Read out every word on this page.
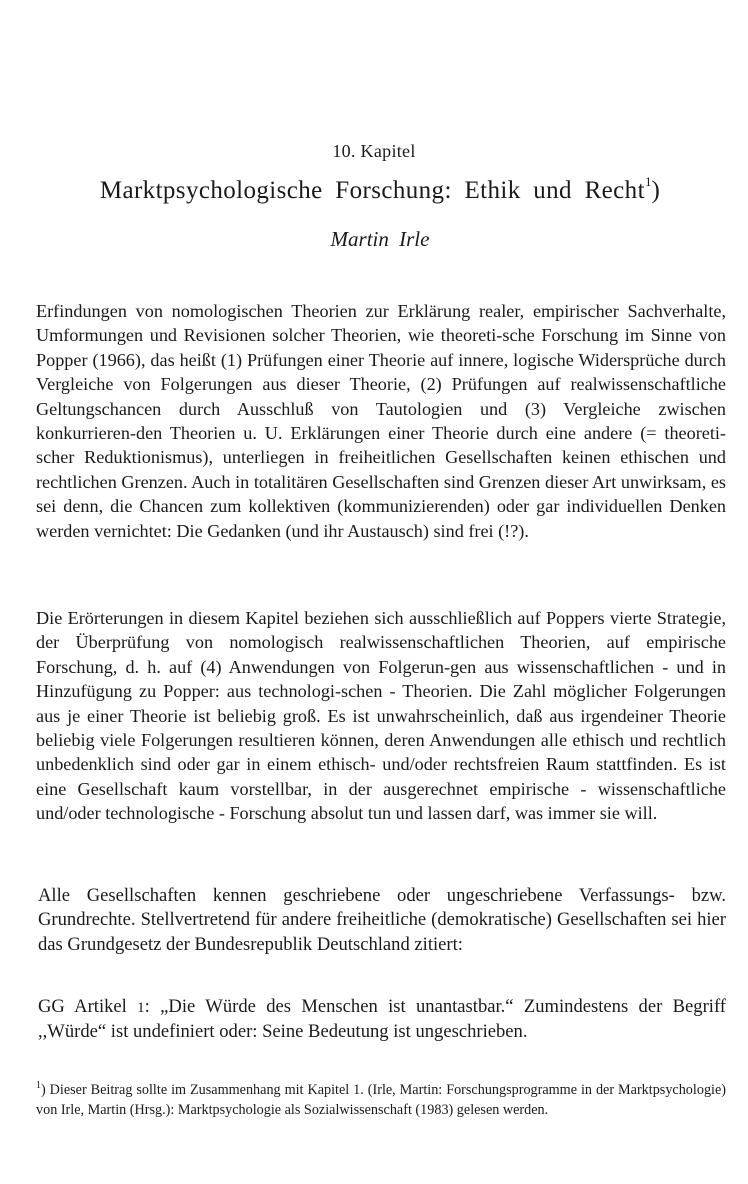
10. Kapitel
Marktpsychologische Forschung: Ethik und Recht$^1$)
Martin Irle

Erfindungen von nomologischen Theorien zur Erklärung realer, empirischer Sachverhalte, Umformungen und Revisionen solcher Theorien, wie theoreti-sche Forschung im Sinne von Popper (1966), das heißt (1) Prüfungen einer Theorie auf innere, logische Widersprüche durch Vergleiche von Folgerungen aus dieser Theorie, (2) Prüfungen auf realwissenschaftliche Geltungschancen durch Ausschluß von Tautologien und (3) Vergleiche zwischen konkurrieren-den Theorien u. U. Erklärungen einer Theorie durch eine andere (= theoreti-scher Reduktionismus), unterliegen in freiheitlichen Gesellschaften keinen ethischen und rechtlichen Grenzen. Auch in totalitären Gesellschaften sind Grenzen dieser Art unwirksam, es sei denn, die Chancen zum kollektiven (kommunizierenden) oder gar individuellen Denken werden vernichtet: Die Gedanken (und ihr Austausch) sind frei (!?).

Die Erörterungen in diesem Kapitel beziehen sich ausschließlich auf Poppers vierte Strategie, der Überprüfung von nomologisch realwissenschaftlichen Theorien, auf empirische Forschung, d. h. auf (4) Anwendungen von Folgerun-gen aus wissenschaftlichen - und in Hinzufügung zu Popper: aus technologi-schen - Theorien. Die Zahl möglicher Folgerungen aus je einer Theorie ist beliebig groß. Es ist unwahrscheinlich, daß aus irgendeiner Theorie beliebig viele Folgerungen resultieren können, deren Anwendungen alle ethisch und rechtlich unbedenklich sind oder gar in einem ethisch- und/oder rechtsfreien Raum stattfinden. Es ist eine Gesellschaft kaum vorstellbar, in der ausgerechnet empirische - wissenschaftliche und/oder technologische - Forschung absolut tun und lassen darf, was immer sie will.

Alle Gesellschaften kennen geschriebene oder ungeschriebene Verfassungs- bzw. Grundrechte. Stellvertretend für andere freiheitliche (demokratische) Gesellschaften sei hier das Grundgesetz der Bundesrepublik Deutschland zitiert:

GG Artikel 1: „Die Würde des Menschen ist unantastbar.“ Zumindestens der Begriff ,,Würde“ ist undefiniert oder: Seine Bedeutung ist ungeschrieben.

$^1$) Dieser Beitrag sollte im Zusammenhang mit Kapitel 1. (Irle, Martin: Forschungsprogramme in der Marktpsychologie) von Irle, Martin (Hrsg.): Marktpsychologie als Sozialwissenschaft (1983) gelesen werden.
